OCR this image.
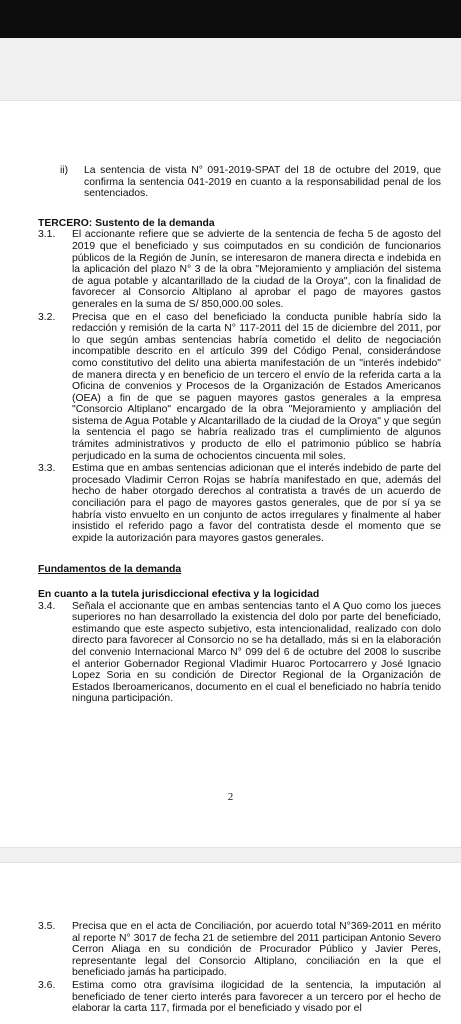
ii)	La sentencia de vista N° 091-2019-SPAT del 18 de octubre del 2019, que confirma la sentencia 041-2019 en cuanto a la responsabilidad penal de los sentenciados.
TERCERO: Sustento de la demanda
3.1.	El accionante refiere que se advierte de la sentencia de fecha 5 de agosto del 2019 que el beneficiado y sus coimputados en su condición de funcionarios públicos de la Región de Junín, se interesaron de manera directa e indebida en la aplicación del plazo N° 3 de la obra "Mejoramiento y ampliación del sistema de agua potable y alcantarillado de la ciudad de la Oroya", con la finalidad de favorecer al Consorcio Altiplano al aprobar el pago de mayores gastos generales en la suma de S/ 850,000.00 soles.
3.2.	Precisa que en el caso del beneficiado la conducta punible habría sido la redacción y remisión de la carta N° 117-2011 del 15 de diciembre del 2011, por lo que según ambas sentencias habría cometido el delito de negociación incompatible descrito en el artículo 399 del Código Penal, considerándose como constitutivo del delito una abierta manifestación de un "interés indebido" de manera directa y en beneficio de un tercero el envío de la referida carta a la Oficina de convenios y Procesos de la Organización de Estados Americanos (OEA) a fin de que se paguen mayores gastos generales a la empresa "Consorcio Altiplano" encargado de la obra "Mejoramiento y ampliación del sistema de Agua Potable y Alcantarillado de la ciudad de la Oroya" y que según la sentencia el pago se habría realizado tras el cumplimiento de algunos trámites administrativos y producto de ello el patrimonio público se habría perjudicado en la suma de ochocientos cincuenta mil soles.
3.3.	Estima que en ambas sentencias adicionan que el interés indebido de parte del procesado Vladimir Cerron Rojas se habría manifestado en que, además del hecho de haber otorgado derechos al contratista a través de un acuerdo de conciliación para el pago de mayores gastos generales, que de por sí ya se habría visto envuelto en un conjunto de actos irregulares y finalmente al haber insistido el referido pago a favor del contratista desde el momento que se expide la autorización para mayores gastos generales.
Fundamentos de la demanda
En cuanto a la tutela jurisdiccional efectiva y la logicidad
3.4.	Señala el accionante que en ambas sentencias tanto el A Quo como los jueces superiores no han desarrollado la existencia del dolo por parte del beneficiado, estimando que este aspecto subjetivo, esta intencionalidad, realizado con dolo directo para favorecer al Consorcio no se ha detallado, más si en la elaboración del convenio Internacional Marco N° 099 del 6 de octubre del 2008 lo suscribe el anterior Gobernador Regional Vladimir Huaroc Portocarrero y José Ignacio Lopez Soria en su condición de Director Regional de la Organización de Estados Iberoamericanos, documento en el cual el beneficiado no habría tenido ninguna participación.
2
3.5.	Precisa que en el acta de Conciliación, por acuerdo total N°369-2011 en mérito al reporte N° 3017 de fecha 21 de setiembre del 2011 participan Antonio Severo Cerron Aliaga en su condición de Procurador Público y Javier Peres, representante legal del Consorcio Altiplano, conciliación en la que el beneficiado jamás ha participado.
3.6.	Estima como otra gravísima ilogicidad de la sentencia, la imputación al beneficiado de tener cierto interés para favorecer a un tercero por el hecho de elaborar la carta 117, firmada por el beneficiado y visado por el
